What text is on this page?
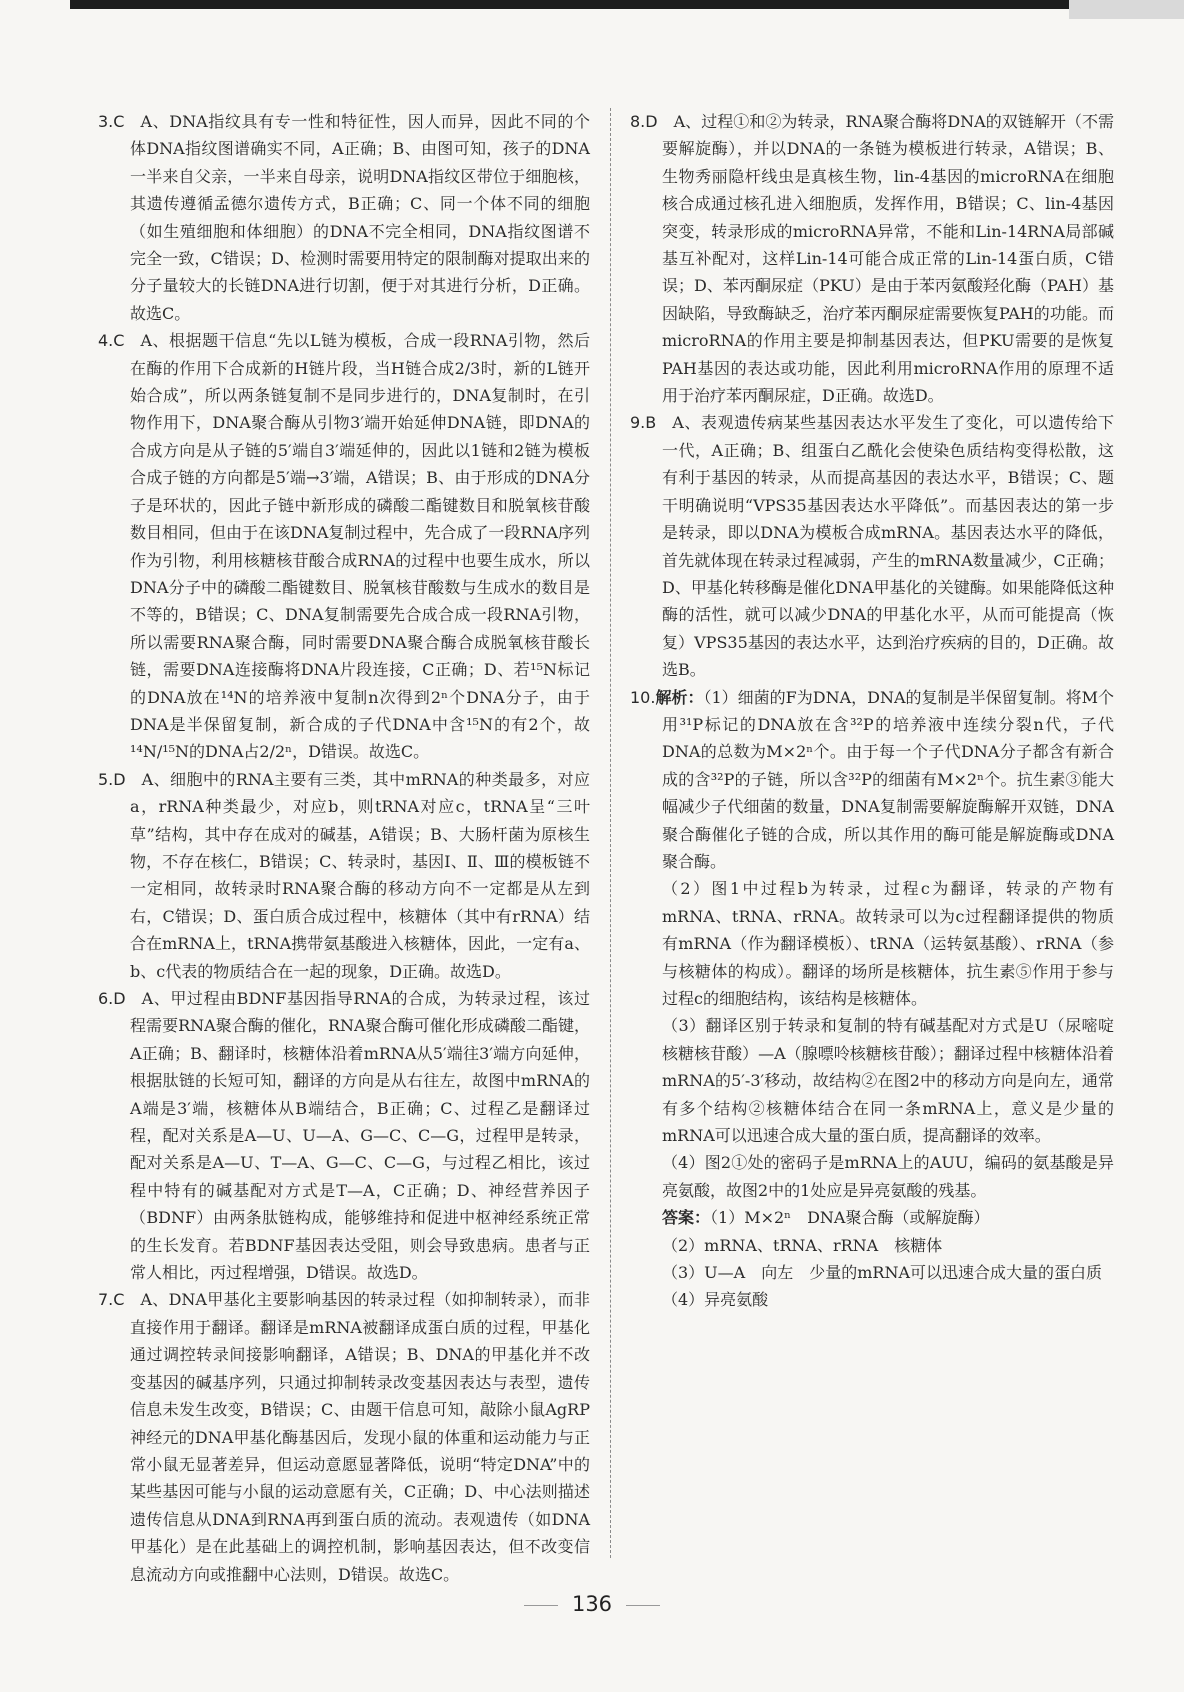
3.C A、DNA指纹具有专一性和特征性，因人而异，因此不同的个体DNA指纹图谱确实不同，A正确；B、由图可知，孩子的DNA一半来自父亲，一半来自母亲，说明DNA指纹区带位于细胞核，其遗传遵循孟德尔遗传方式，B正确；C、同一个体不同的细胞（如生殖细胞和体细胞）的DNA不完全相同，DNA指纹图谱不完全一致，C错误；D、检测时需要用特定的限制酶对提取出来的分子量较大的长链DNA进行切割，便于对其进行分析，D正确。故选C。

4.C A、根据题干信息“先以L链为模板，合成一段RNA引物，然后在酶的作用下合成新的H链片段，当H链合成2/3时，新的L链开始合成”，所以两条链复制不是同步进行的，DNA复制时，在引物作用下，DNA聚合酶从引物3′端开始延伸DNA链，即DNA的合成方向是从子链的5′端自3′端延伸的，因此以1链和2链为模板合成子链的方向都是5′端→3′端，A错误；B、由于形成的DNA分子是环状的，因此子链中新形成的磷酸二酯键数目和脱氧核苷酸数目相同，但由于在该DNA复制过程中，先合成了一段RNA序列作为引物，利用核糖核苷酸合成RNA的过程中也要生成水，所以DNA分子中的磷酸二酯键数目、脱氧核苷酸数与生成水的数目是不等的，B错误；C、DNA复制需要先合成合成一段RNA引物，所以需要RNA聚合酶，同时需要DNA聚合酶合成脱氧核苷酸长链，需要DNA连接酶将DNA片段连接，C正确；D、若¹⁵N标记的DNA放在¹⁴N的培养液中复制n次得到2ⁿ个DNA分子，由于DNA是半保留复制，新合成的子代DNA中含¹⁵N的有2个，故¹⁴N/¹⁵N的DNA占2/2ⁿ，D错误。故选C。

5.D A、细胞中的RNA主要有三类，其中mRNA的种类最多，对应a，rRNA种类最少，对应b，则tRNA对应c，tRNA呈“三叶草”结构，其中存在成对的碱基，A错误；B、大肠杆菌为原核生物，不存在核仁，B错误；C、转录时，基因Ⅰ、Ⅱ、Ⅲ的模板链不一定相同，故转录时RNA聚合酶的移动方向不一定都是从左到右，C错误；D、蛋白质合成过程中，核糖体（其中有rRNA）结合在mRNA上，tRNA携带氨基酸进入核糖体，因此，一定有a、b、c代表的物质结合在一起的现象，D正确。故选D。

6.D A、甲过程由BDNF基因指导RNA的合成，为转录过程，该过程需要RNA聚合酶的催化，RNA聚合酶可催化形成磷酸二酯键，A正确；B、翻译时，核糖体沿着mRNA从5′端往3′端方向延伸，根据肽链的长短可知，翻译的方向是从右往左，故图中mRNA的A端是3′端，核糖体从B端结合，B正确；C、过程乙是翻译过程，配对关系是A—U、U—A、G—C、C—G，过程甲是转录，配对关系是A—U、T—A、G—C、C—G，与过程乙相比，该过程中特有的碱基配对方式是T—A，C正确；D、神经营养因子（BDNF）由两条肽链构成，能够维持和促进中枢神经系统正常的生长发育。若BDNF基因表达受阻，则会导致患病。患者与正常人相比，丙过程增强，D错误。故选D。

7.C A、DNA甲基化主要影响基因的转录过程（如抑制转录），而非直接作用于翻译。翻译是mRNA被翻译成蛋白质的过程，甲基化通过调控转录间接影响翻译，A错误；B、DNA的甲基化并不改变基因的碱基序列，只通过抑制转录改变基因表达与表型，遗传信息未发生改变，B错误；C、由题干信息可知，敲除小鼠AgRP神经元的DNA甲基化酶基因后，发现小鼠的体重和运动能力与正常小鼠无显著差异，但运动意愿显著降低，说明“特定DNA”中的某些基因可能与小鼠的运动意愿有关，C正确；D、中心法则描述遗传信息从DNA到RNA再到蛋白质的流动。表观遗传（如DNA甲基化）是在此基础上的调控机制，影响基因表达，但不改变信息流动方向或推翻中心法则，D错误。故选C。

8.D A、过程①和②为转录，RNA聚合酶将DNA的双链解开（不需要解旋酶），并以DNA的一条链为模板进行转录，A错误；B、生物秀丽隐杆线虫是真核生物，lin-4基因的microRNA在细胞核合成通过核孔进入细胞质，发挥作用，B错误；C、lin-4基因突变，转录形成的microRNA异常，不能和Lin-14RNA局部碱基互补配对，这样Lin-14可能合成正常的Lin-14蛋白质，C错误；D、苯丙酮尿症（PKU）是由于苯丙氨酸羟化酶（PAH）基因缺陷，导致酶缺乏，治疗苯丙酮尿症需要恢复PAH的功能。而microRNA的作用主要是抑制基因表达，但PKU需要的是恢复PAH基因的表达或功能，因此利用microRNA作用的原理不适用于治疗苯丙酮尿症，D正确。故选D。

9.B A、表观遗传病某些基因表达水平发生了变化，可以遗传给下一代，A正确；B、组蛋白乙酰化会使染色质结构变得松散，这有利于基因的转录，从而提高基因的表达水平，B错误；C、题干明确说明“VPS35基因表达水平降低”。而基因表达的第一步是转录，即以DNA为模板合成mRNA。基因表达水平的降低，首先就体现在转录过程减弱，产生的mRNA数量减少，C正确；D、甲基化转移酶是催化DNA甲基化的关键酶。如果能降低这种酶的活性，就可以减少DNA的甲基化水平，从而可能提高（恢复）VPS35基因的表达水平，达到治疗疾病的目的，D正确。故选B。

10.解析：（1）细菌的F为DNA，DNA的复制是半保留复制。将M个用³¹P标记的DNA放在含³²P的培养液中连续分裂n代，子代DNA的总数为M×2ⁿ个。由于每一个子代DNA分子都含有新合成的含³²P的子链，所以含³²P的细菌有M×2ⁿ个。抗生素③能大幅减少子代细菌的数量，DNA复制需要解旋酶解开双链，DNA聚合酶催化子链的合成，所以其作用的酶可能是解旋酶或DNA聚合酶。

（2）图1中过程b为转录，过程c为翻译，转录的产物有mRNA、tRNA、rRNA。故转录可以为c过程翻译提供的物质有mRNA（作为翻译模板）、tRNA（运转氨基酸）、rRNA（参与核糖体的构成）。翻译的场所是核糖体，抗生素⑤作用于参与过程c的细胞结构，该结构是核糖体。

（3）翻译区别于转录和复制的特有碱基配对方式是U（尿嘧啶核糖核苷酸）—A（腺嘌呤核糖核苷酸）；翻译过程中核糖体沿着mRNA的5′-3′移动，故结构②在图2中的移动方向是向左，通常有多个结构②核糖体结合在同一条mRNA上，意义是少量的mRNA可以迅速合成大量的蛋白质，提高翻译的效率。

（4）图2①处的密码子是mRNA上的AUU，编码的氨基酸是异亮氨酸，故图2中的1处应是异亮氨酸的残基。

答案：（1）M×2ⁿ　DNA聚合酶（或解旋酶）

（2）mRNA、tRNA、rRNA　核糖体

（3）U—A　向左　少量的mRNA可以迅速合成大量的蛋白质

（4）异亮氨酸

136
